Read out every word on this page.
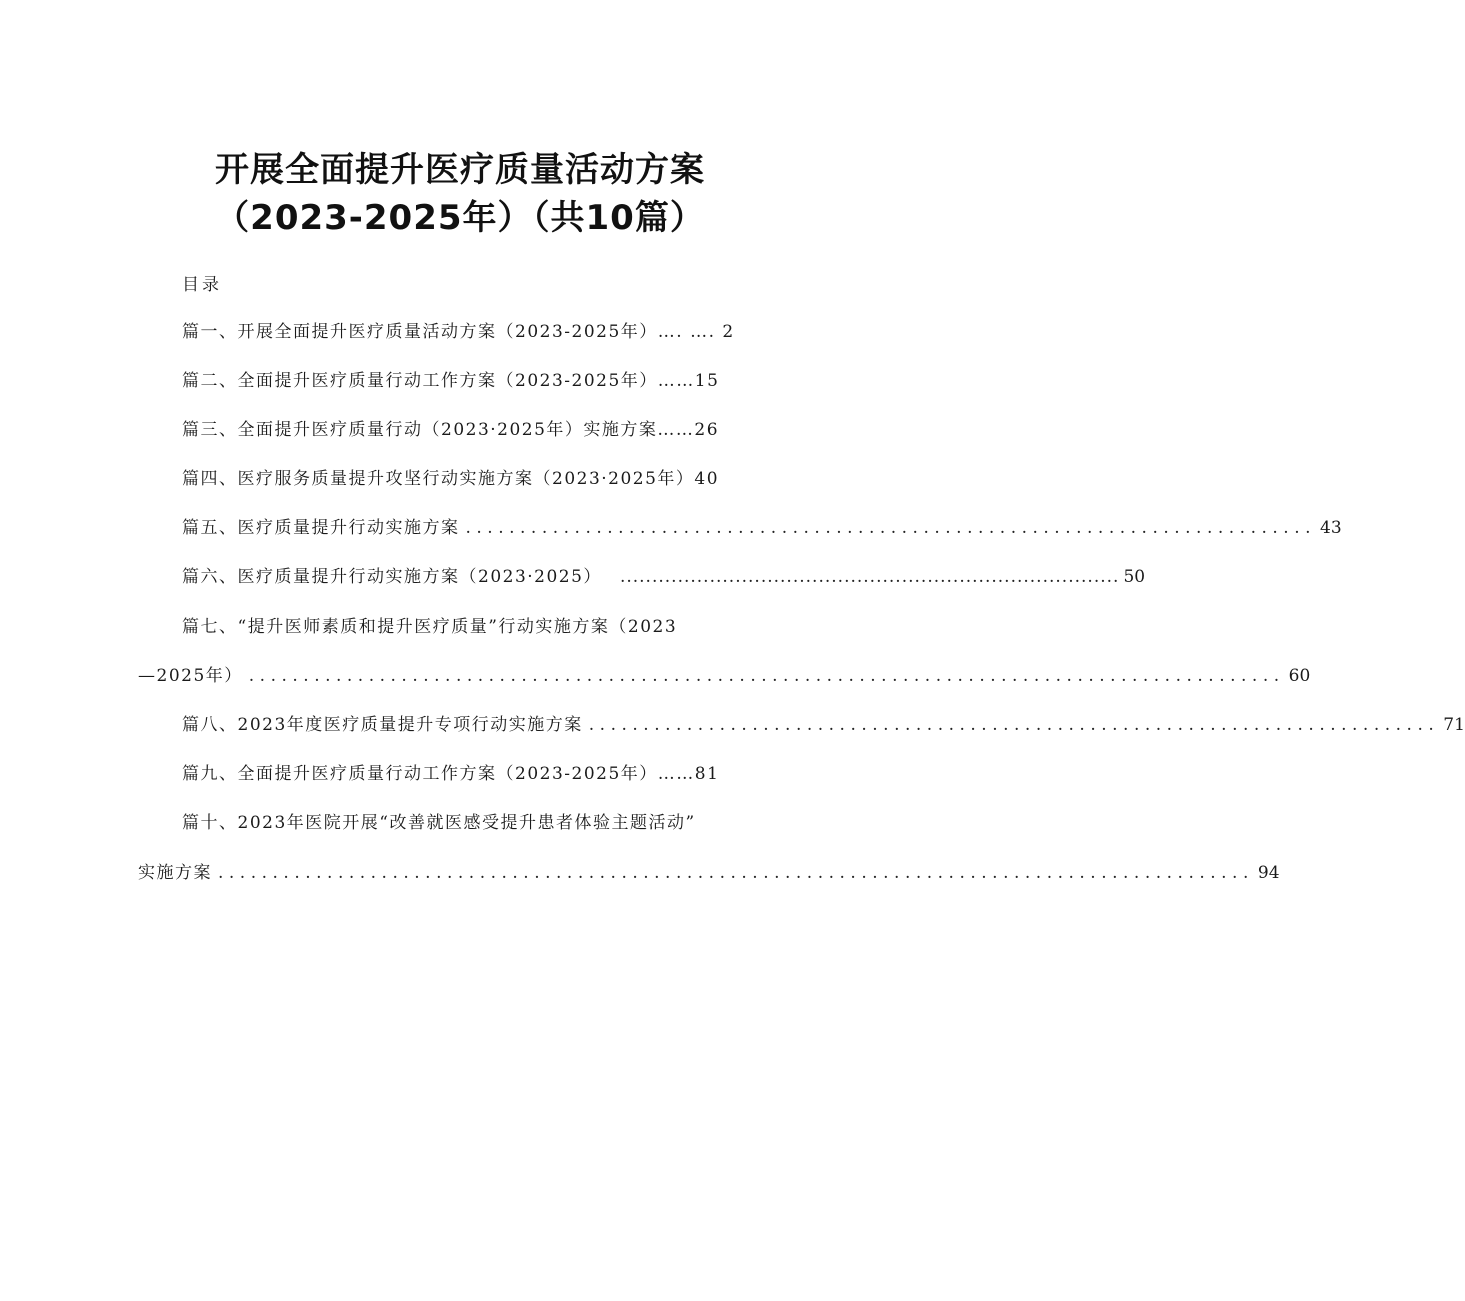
开展全面提升医疗质量活动方案
（2023-2025年）（共10篇）
目录
篇一、开展全面提升医疗质量活动方案（2023-2025年）…. …. 2
篇二、全面提升医疗质量行动工作方案（2023-2025年）……15
篇三、全面提升医疗质量行动（2023·2025年）实施方案……26
篇四、医疗服务质量提升攻坚行动实施方案（2023·2025年）40
篇五、医疗质量提升行动实施方案 .............................................................................. 43
篇六、医疗质量提升行动实施方案（2023·2025） .............................................................................. 50
篇七、“提升医师素质和提升医疗质量”行动实施方案（2023
—2025年） ............................................................................................... 60
篇八、2023年度医疗质量提升专项行动实施方案 .............................................................................. 71
篇九、全面提升医疗质量行动工作方案（2023-2025年）……81
篇十、2023年医院开展“改善就医感受提升患者体验主题活动”
实施方案 ............................................................................................... 94
